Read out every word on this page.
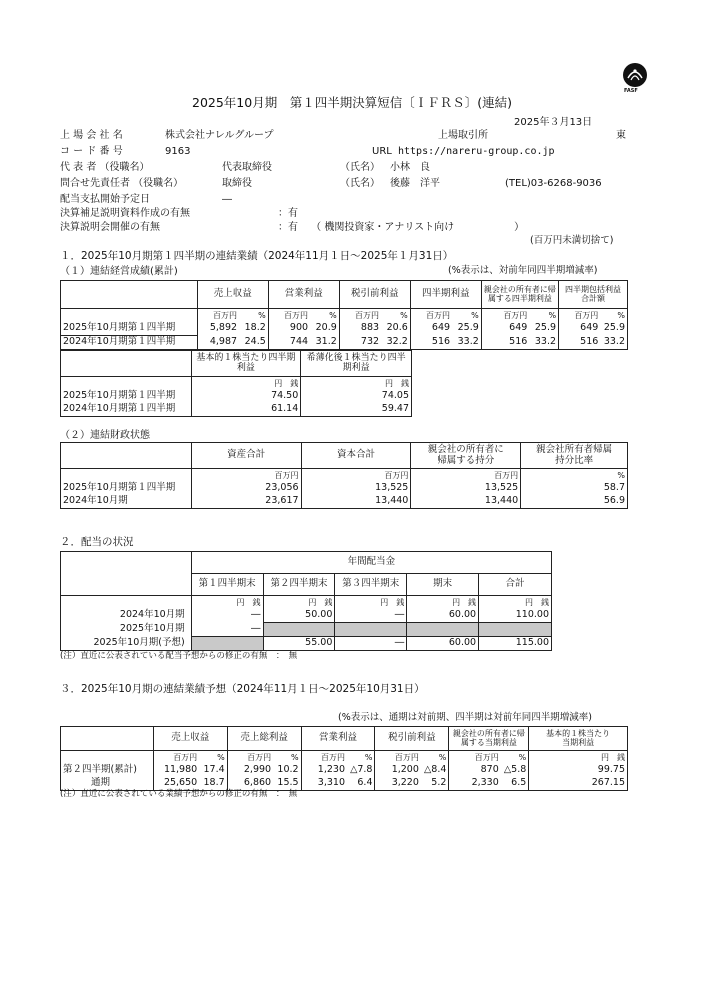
FASF
2025年10月期　第１四半期決算短信〔ＩＦＲＳ〕(連結)
2025年３月13日
上 場 会 社 名	株式会社ナレルグループ	上場取引所	東
コ ー ド 番 号	9163	URL https://nareru-group.co.jp
代 表 者 （役職名）	代表取締役	（氏名） 小林　良
問合せ先責任者 （役職名）	取締役	（氏名） 後藤　洋平	(TEL)03-6268-9036
配当支払開始予定日	―
決算補足説明資料作成の有無	：有
決算説明会開催の有無	：有　 （ 機関投資家・アナリスト向け　　　　　　）
(百万円未満切捨て)
１．2025年10月期第１四半期の連結業績（2024年11月１日～2025年１月31日）
（１）連結経営成績(累計)	(%表示は、対前年同四半期増減率)
	売上収益		営業利益		税引前利益		四半期利益		親会社の所有者に帰属する四半期利益		四半期包括利益合計額	
	百万円	%	百万円	%	百万円	%	百万円	%	百万円	%	百万円	%
2025年10月期第１四半期	5,892	18.2	900	20.9	883	20.6	649	25.9	649	25.9	649	25.9
2024年10月期第１四半期	4,987	24.5	744	31.2	732	32.2	516	33.2	516	33.2	516	33.2
	基本的１株当たり四半期利益	希薄化後１株当たり四半期利益
	円　銭	円　銭
2025年10月期第１四半期	74.50	74.05
2024年10月期第１四半期	61.14	59.47
（２）連結財政状態
	資産合計	資本合計	親会社の所有者に帰属する持分	親会社所有者帰属持分比率
	百万円	百万円	百万円	%
2025年10月期第１四半期	23,056	13,525	13,525	58.7
2024年10月期	23,617	13,440	13,440	56.9
２．配当の状況
	年間配当金				
	第１四半期末	第２四半期末	第３四半期末	期末	合計
	円　銭	円　銭	円　銭	円　銭	円　銭
2024年10月期	―	50.00	―	60.00	110.00
2025年10月期	―				
2025年10月期(予想)		55.00	―	60.00	115.00
(注）直近に公表されている配当予想からの修正の有無　：　無
３．2025年10月期の連結業績予想（2024年11月１日～2025年10月31日）
(%表示は、通期は対前期、四半期は対前年同四半期増減率)
	売上収益		売上総利益		営業利益		税引前利益		親会社の所有者に帰属する当期利益		基本的１株当たり当期利益
	百万円	%	百万円	%	百万円	%	百万円	%	百万円	%	円　銭
第２四半期(累計)	11,980	17.4	2,990	10.2	1,230	△7.8	1,200	△8.4	870	△5.8	99.75
通期	25,650	18.7	6,860	15.5	3,310	6.4	3,220	5.2	2,330	6.5	267.15
(注）直近に公表されている業績予想からの修正の有無　：　無
